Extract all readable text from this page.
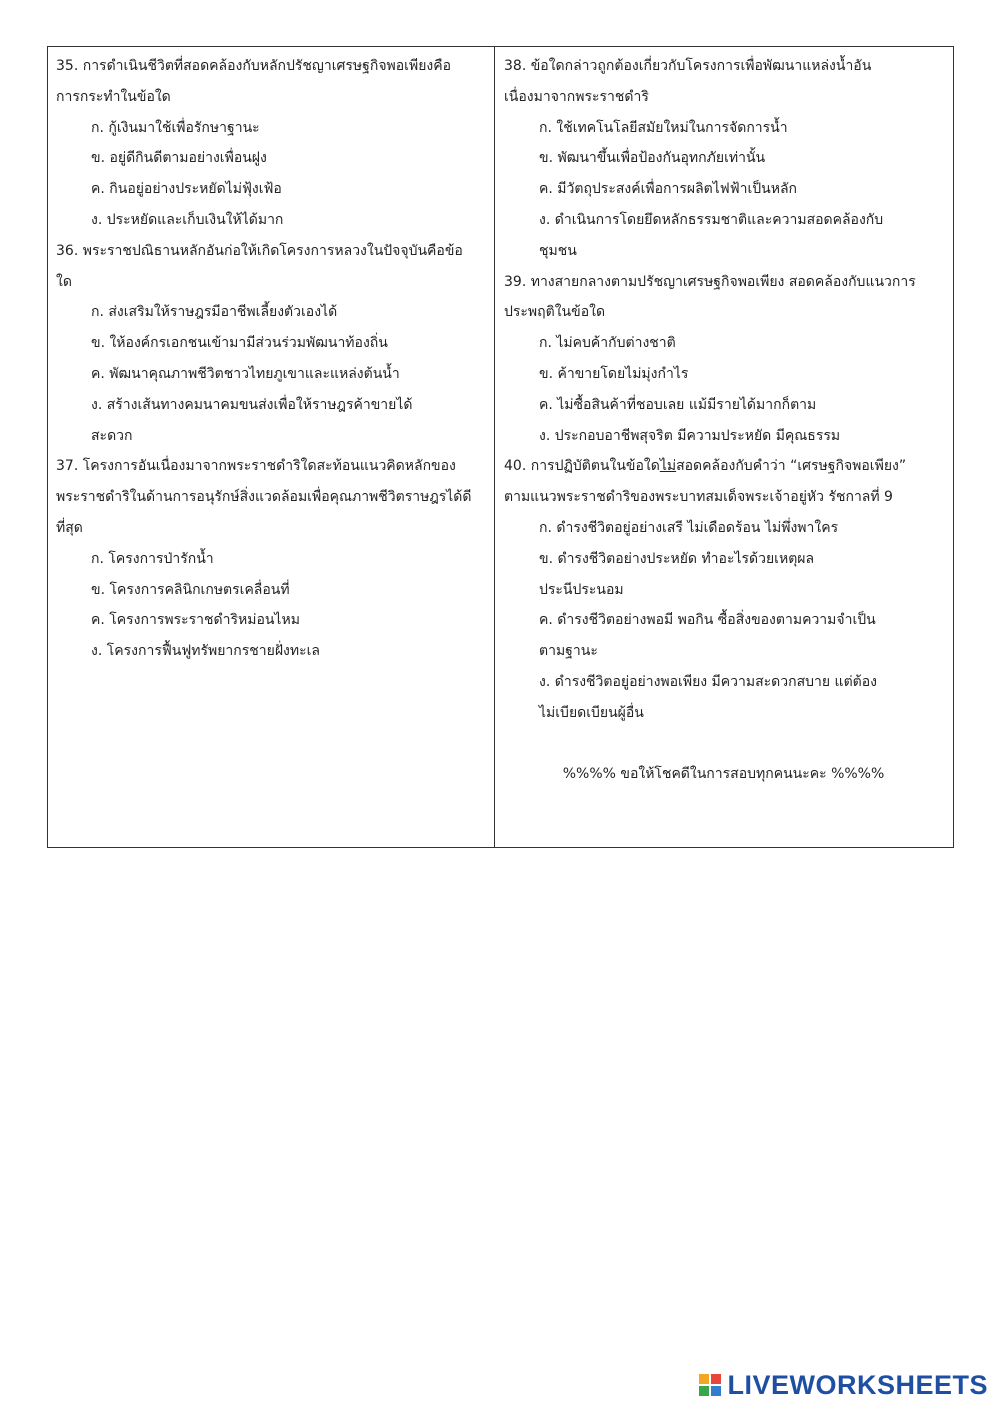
35. การดำเนินชีวิตที่สอดคล้องกับหลักปรัชญาเศรษฐกิจพอเพียงคือ
การกระทำในข้อใด
ก. กู้เงินมาใช้เพื่อรักษาฐานะ
ข. อยู่ดีกินดีตามอย่างเพื่อนฝูง
ค. กินอยู่อย่างประหยัดไม่ฟุ้งเฟ้อ
ง. ประหยัดและเก็บเงินให้ได้มาก
36. พระราชปณิธานหลักอันก่อให้เกิดโครงการหลวงในปัจจุบันคือข้อ
ใด
ก. ส่งเสริมให้ราษฎรมีอาชีพเลี้ยงตัวเองได้
ข. ให้องค์กรเอกชนเข้ามามีส่วนร่วมพัฒนาท้องถิ่น
ค. พัฒนาคุณภาพชีวิตชาวไทยภูเขาและแหล่งต้นน้ำ
ง. สร้างเส้นทางคมนาคมขนส่งเพื่อให้ราษฎรค้าขายได้
สะดวก
37. โครงการอันเนื่องมาจากพระราชดำริใดสะท้อนแนวคิดหลักของ
พระราชดำริในด้านการอนุรักษ์สิ่งแวดล้อมเพื่อคุณภาพชีวิตราษฎรได้ดี
ที่สุด
ก. โครงการป่ารักน้ำ
ข. โครงการคลินิกเกษตรเคลื่อนที่
ค. โครงการพระราชดำริหม่อนไหม
ง. โครงการฟื้นฟูทรัพยากรชายฝั่งทะเล
38. ข้อใดกล่าวถูกต้องเกี่ยวกับโครงการเพื่อพัฒนาแหล่งน้ำอัน
เนื่องมาจากพระราชดำริ
ก. ใช้เทคโนโลยีสมัยใหม่ในการจัดการน้ำ
ข. พัฒนาขึ้นเพื่อป้องกันอุทกภัยเท่านั้น
ค. มีวัตถุประสงค์เพื่อการผลิตไฟฟ้าเป็นหลัก
ง. ดำเนินการโดยยึดหลักธรรมชาติและความสอดคล้องกับ
ชุมชน
39. ทางสายกลางตามปรัชญาเศรษฐกิจพอเพียง สอดคล้องกับแนวการ
ประพฤติในข้อใด
ก. ไม่คบค้ากับต่างชาติ
ข. ค้าขายโดยไม่มุ่งกำไร
ค. ไม่ซื้อสินค้าที่ชอบเลย แม้มีรายได้มากก็ตาม
ง. ประกอบอาชีพสุจริต มีความประหยัด มีคุณธรรม
40. การปฏิบัติตนในข้อใดไม่สอดคล้องกับคำว่า “เศรษฐกิจพอเพียง”
ตามแนวพระราชดำริของพระบาทสมเด็จพระเจ้าอยู่หัว รัชกาลที่ 9
ก. ดำรงชีวิตอยู่อย่างเสรี ไม่เดือดร้อน ไม่พึ่งพาใคร
ข. ดำรงชีวิตอย่างประหยัด ทำอะไรด้วยเหตุผล
ประนีประนอม
ค. ดำรงชีวิตอย่างพอมี พอกิน ซื้อสิ่งของตามความจำเป็น
ตามฐานะ
ง. ดำรงชีวิตอยู่อย่างพอเพียง มีความสะดวกสบาย แต่ต้อง
ไม่เบียดเบียนผู้อื่น
%%%% ขอให้โชคดีในการสอบทุกคนนะคะ %%%%
LIVEWORKSHEETS
